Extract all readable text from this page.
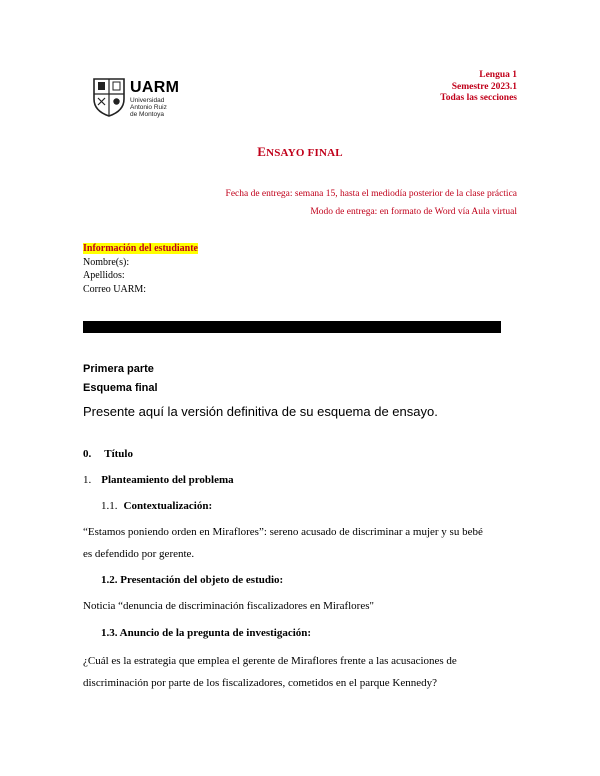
UARM
Universidad
Antonio Ruiz
de Montoya
Lengua 1
Semestre 2023.1
Todas las secciones
ENSAYO FINAL
Fecha de entrega: semana 15, hasta el mediodía posterior de la clase práctica
Modo de entrega: en formato de Word vía Aula virtual
Información del estudiante
Nombre(s):
Apellidos:
Correo UARM:
Primera parte
Esquema final
Presente aquí la versión definitiva de su esquema de ensayo.
0. Título
1. Planteamiento del problema
1.1. Contextualización:
“Estamos poniendo orden en Miraflores”: sereno acusado de discriminar a mujer y su bebé
es defendido por gerente.
1.2. Presentación del objeto de estudio:
Noticia “denuncia de discriminación fiscalizadores en Miraflores"
1.3. Anuncio de la pregunta de investigación:
¿Cuál es la estrategia que emplea el gerente de Miraflores frente a las acusaciones de
discriminación por parte de los fiscalizadores, cometidos en el parque Kennedy?
